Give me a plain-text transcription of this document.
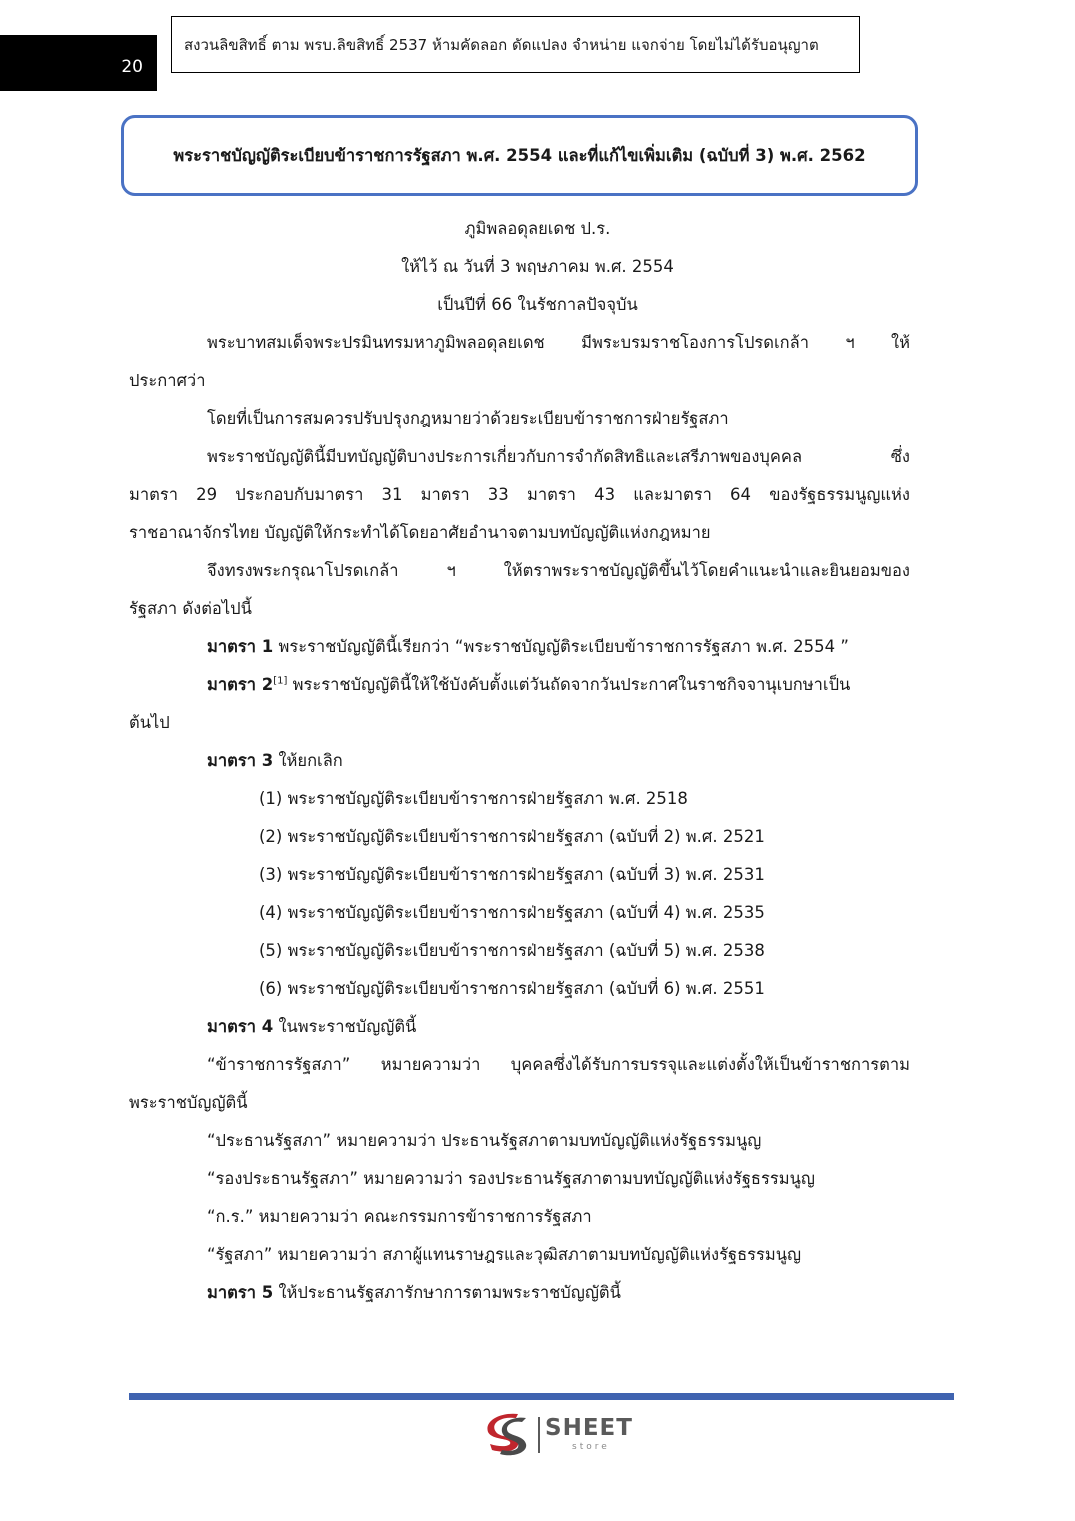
20
สงวนลิขสิทธิ์ ตาม พรบ.ลิขสิทธิ์ 2537 ห้ามคัดลอก ดัดแปลง จำหน่าย แจกจ่าย โดยไม่ได้รับอนุญาต
พระราชบัญญัติระเบียบข้าราชการรัฐสภา พ.ศ. 2554 และที่แก้ไขเพิ่มเติม (ฉบับที่ 3) พ.ศ. 2562
ภูมิพลอดุลยเดช ป.ร.
ให้ไว้ ณ วันที่ 3 พฤษภาคม พ.ศ. 2554
เป็นปีที่ 66 ในรัชกาลปัจจุบัน
พระบาทสมเด็จพระปรมินทรมหาภูมิพลอดุลยเดช มีพระบรมราชโองการโปรดเกล้า ฯ ให้
ประกาศว่า
โดยที่เป็นการสมควรปรับปรุงกฎหมายว่าด้วยระเบียบข้าราชการฝ่ายรัฐสภา
พระราชบัญญัตินี้มีบทบัญญัติบางประการเกี่ยวกับการจำกัดสิทธิและเสรีภาพของบุคคล ซึ่ง
มาตรา 29 ประกอบกับมาตรา 31 มาตรา 33 มาตรา 43 และมาตรา 64 ของรัฐธรรมนูญแห่ง
ราชอาณาจักรไทย บัญญัติให้กระทำได้โดยอาศัยอำนาจตามบทบัญญัติแห่งกฎหมาย
จึงทรงพระกรุณาโปรดเกล้า ฯ ให้ตราพระราชบัญญัติขึ้นไว้โดยคำแนะนำและยินยอมของ
รัฐสภา ดังต่อไปนี้
มาตรา 1 พระราชบัญญัตินี้เรียกว่า “พระราชบัญญัติระเบียบข้าราชการรัฐสภา พ.ศ. 2554 ”
มาตรา 2[1] พระราชบัญญัตินี้ให้ใช้บังคับตั้งแต่วันถัดจากวันประกาศในราชกิจจานุเบกษาเป็น
ต้นไป
มาตรา 3 ให้ยกเลิก
(1) พระราชบัญญัติระเบียบข้าราชการฝ่ายรัฐสภา พ.ศ. 2518
(2) พระราชบัญญัติระเบียบข้าราชการฝ่ายรัฐสภา (ฉบับที่ 2) พ.ศ. 2521
(3) พระราชบัญญัติระเบียบข้าราชการฝ่ายรัฐสภา (ฉบับที่ 3) พ.ศ. 2531
(4) พระราชบัญญัติระเบียบข้าราชการฝ่ายรัฐสภา (ฉบับที่ 4) พ.ศ. 2535
(5) พระราชบัญญัติระเบียบข้าราชการฝ่ายรัฐสภา (ฉบับที่ 5) พ.ศ. 2538
(6) พระราชบัญญัติระเบียบข้าราชการฝ่ายรัฐสภา (ฉบับที่ 6) พ.ศ. 2551
มาตรา 4 ในพระราชบัญญัตินี้
“ข้าราชการรัฐสภา” หมายความว่า บุคคลซึ่งได้รับการบรรจุและแต่งตั้งให้เป็นข้าราชการตาม
พระราชบัญญัตินี้
“ประธานรัฐสภา” หมายความว่า ประธานรัฐสภาตามบทบัญญัติแห่งรัฐธรรมนูญ
“รองประธานรัฐสภา” หมายความว่า รองประธานรัฐสภาตามบทบัญญัติแห่งรัฐธรรมนูญ
“ก.ร.” หมายความว่า คณะกรรมการข้าราชการรัฐสภา
“รัฐสภา” หมายความว่า สภาผู้แทนราษฎรและวุฒิสภาตามบทบัญญัติแห่งรัฐธรรมนูญ
มาตรา 5 ให้ประธานรัฐสภารักษาการตามพระราชบัญญัตินี้
SHEET
store
